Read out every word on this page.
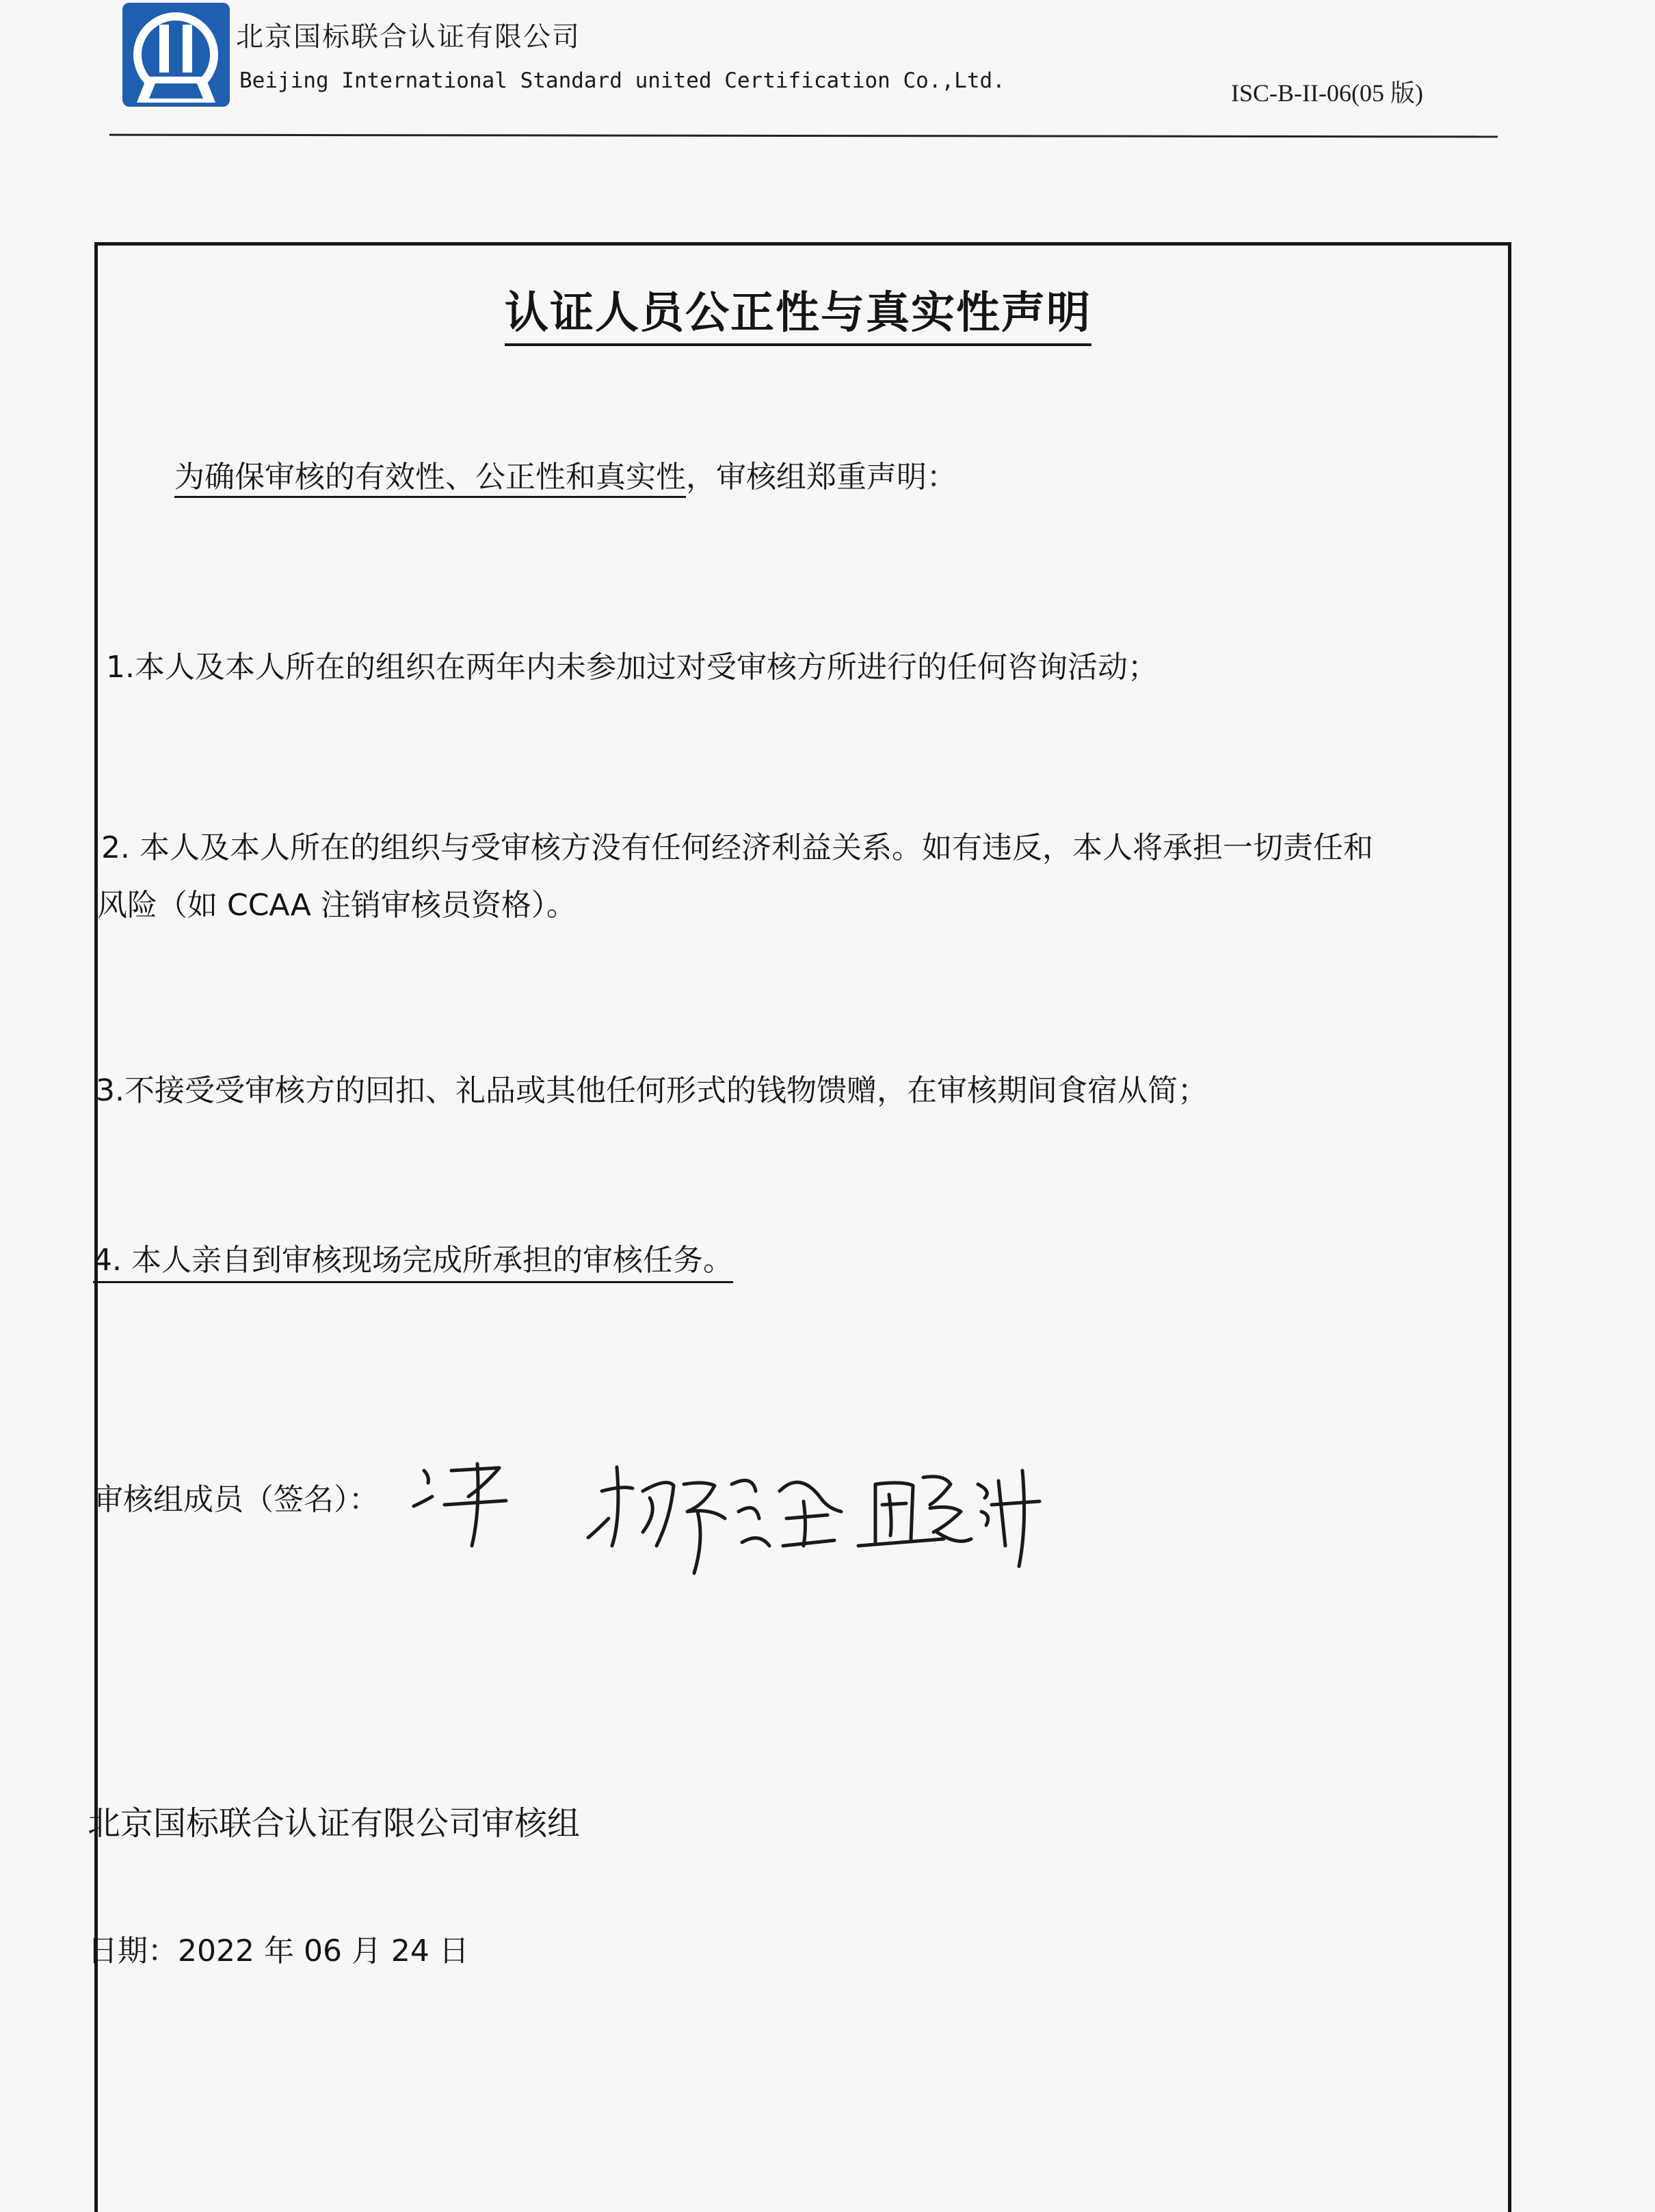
北京国标联合认证有限公司
Beijing International Standard united Certification Co.,Ltd.	ISC-B-II-06(05 版)
认证人员公正性与真实性声明
为确保审核的有效性、公正性和真实性，审核组郑重声明：
1.本人及本人所在的组织在两年内未参加过对受审核方所进行的任何咨询活动；
2. 本人及本人所在的组织与受审核方没有任何经济利益关系。如有违反，本人将承担一切责任和
风险（如 CCAA 注销审核员资格）。
3.不接受受审核方的回扣、礼品或其他任何形式的钱物馈赠，在审核期间食宿从简；
4. 本人亲自到审核现场完成所承担的审核任务。
审核组成员（签名）：
北京国标联合认证有限公司审核组
日期：2022 年 06 月 24 日
